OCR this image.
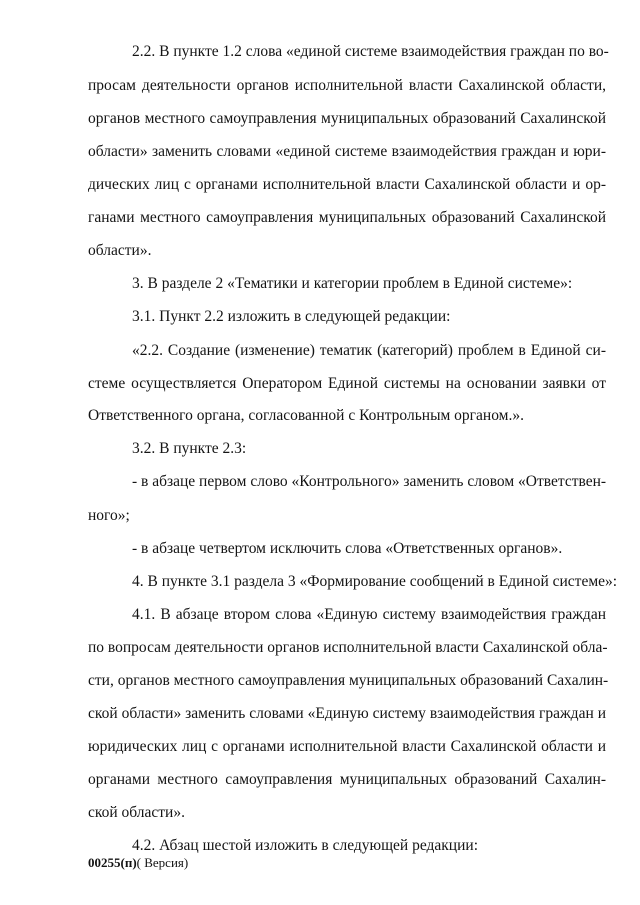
2.2. В пункте 1.2 слова «единой системе взаимодействия граждан по во-
просам деятельности органов исполнительной власти Сахалинской области,
органов местного самоуправления муниципальных образований Сахалинской
области» заменить словами «единой системе взаимодействия граждан и юри-
дических лиц с органами исполнительной власти Сахалинской области и ор-
ганами местного самоуправления муниципальных образований Сахалинской
области».
3. В разделе 2 «Тематики и категории проблем в Единой системе»:
3.1. Пункт 2.2 изложить в следующей редакции:
«2.2. Создание (изменение) тематик (категорий) проблем в Единой си-
стеме осуществляется Оператором Единой системы на основании заявки от
Ответственного органа, согласованной с Контрольным органом.».
3.2. В пункте 2.3:
- в абзаце первом слово «Контрольного» заменить словом «Ответствен-
ного»;
- в абзаце четвертом исключить слова «Ответственных органов».
4. В пункте 3.1 раздела 3 «Формирование сообщений в Единой системе»:
4.1. В абзаце втором слова «Единую систему взаимодействия граждан
по вопросам деятельности органов исполнительной власти Сахалинской обла-
сти, органов местного самоуправления муниципальных образований Сахалин-
ской области» заменить словами «Единую систему взаимодействия граждан и
юридических лиц с органами исполнительной власти Сахалинской области и
органами местного самоуправления муниципальных образований Сахалин-
ской области».
4.2. Абзац шестой изложить в следующей редакции:
00255(п)( Версия)
